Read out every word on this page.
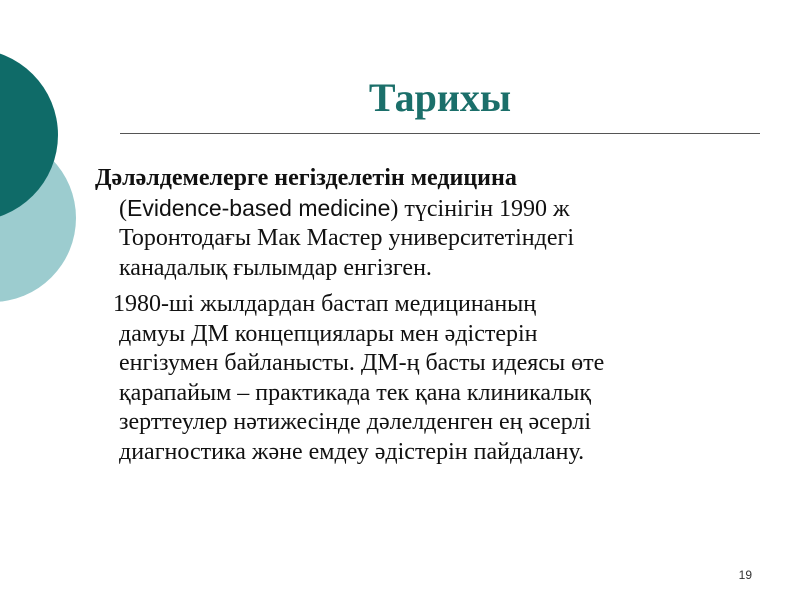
Тарихы

Дәләлдемелерге негізделетін медицина
(Evidence-based medicine) түсінігін 1990 ж
Торонтодағы Мак Мастер университетіндегі
канадалық ғылымдар енгізген.

1980-ші жылдардан бастап медицинаның
дамуы ДМ концепциялары мен әдістерін
енгізумен байланысты. ДМ-ң басты идеясы өте
қарапайым – практикада тек қана клиникалық
зерттеулер нәтижесінде дәлелденген ең әсерлі
диагностика және емдеу әдістерін пайдалану.

19
